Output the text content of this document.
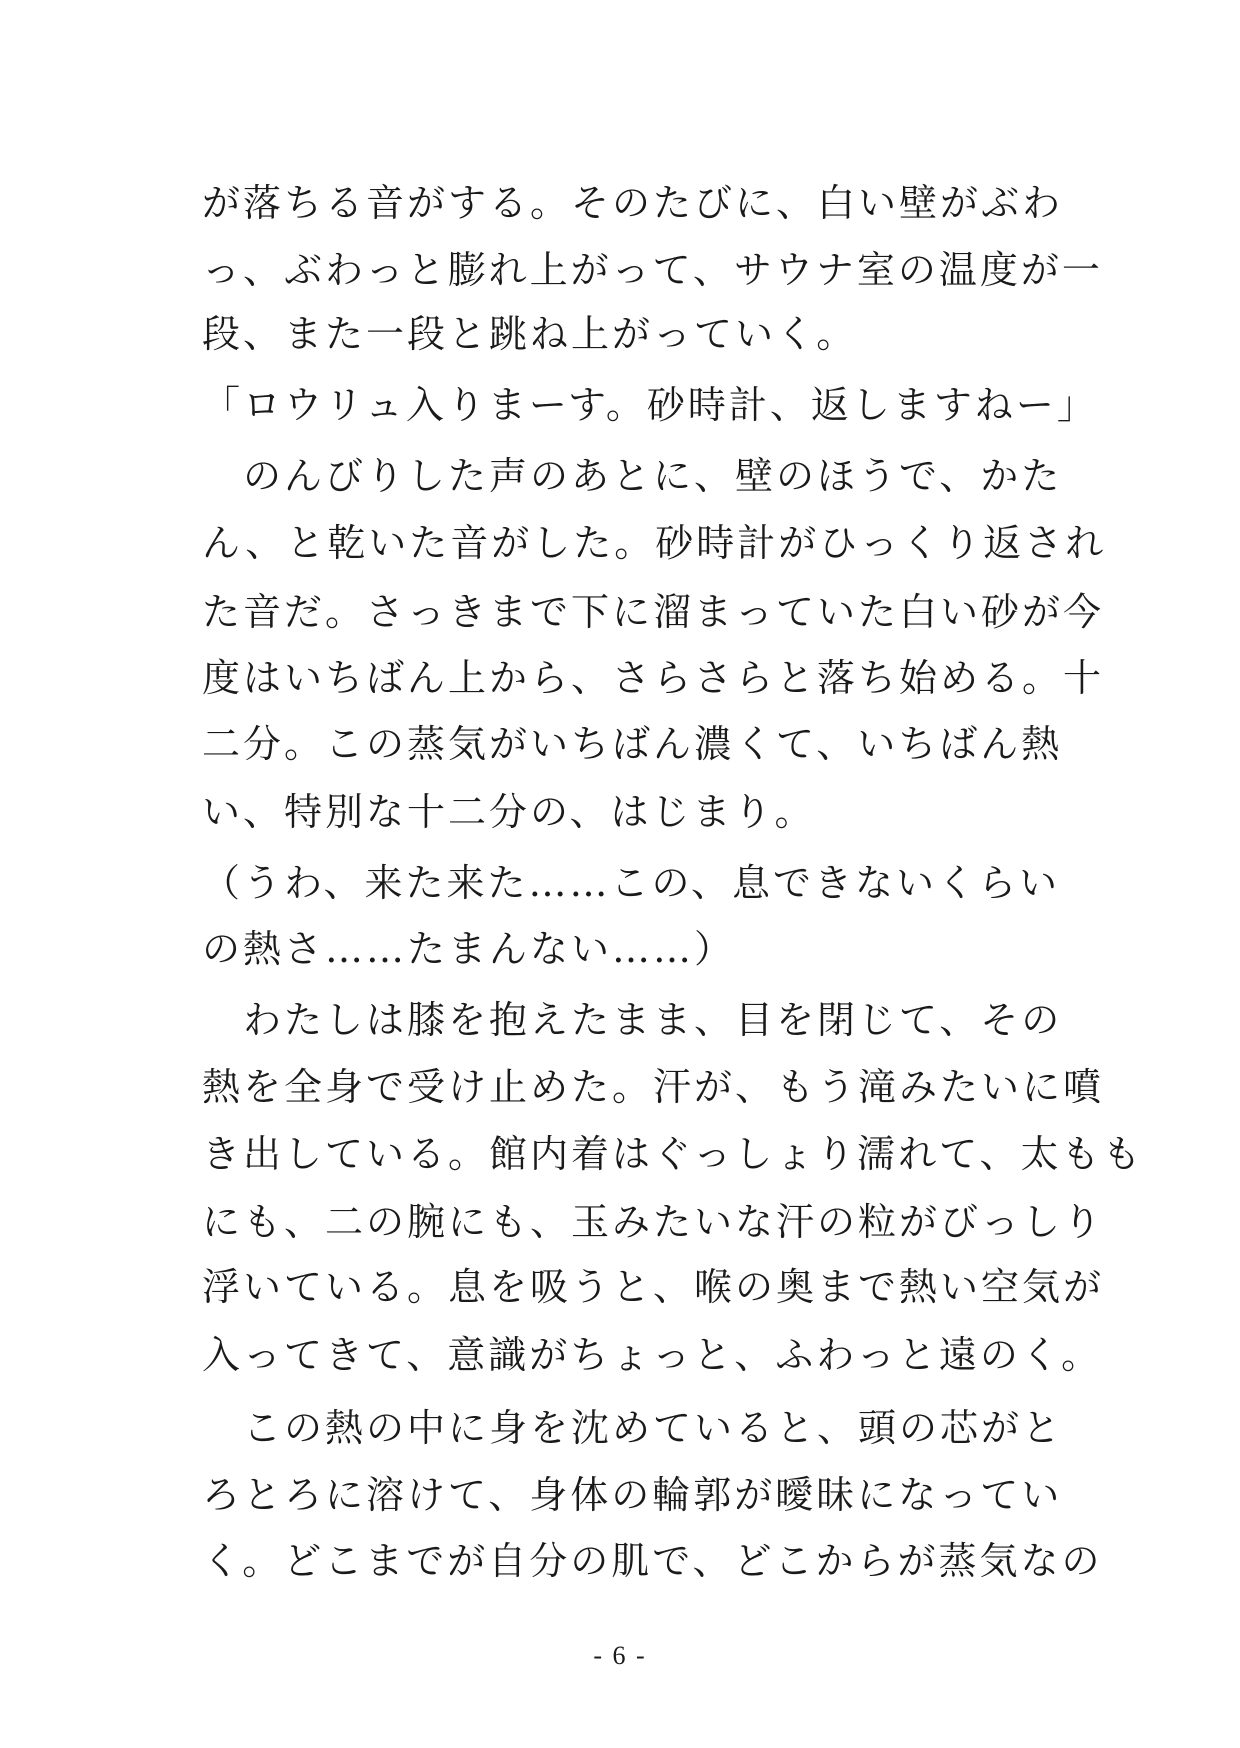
が落ちる音がする。そのたびに、白い壁がぶわ
っ、ぶわっと膨れ上がって、サウナ室の温度が一
段、また一段と跳ね上がっていく。
「ロウリュ入りまーす。砂時計、返しますねー」
　のんびりした声のあとに、壁のほうで、かた
ん、と乾いた音がした。砂時計がひっくり返され
た音だ。さっきまで下に溜まっていた白い砂が今
度はいちばん上から、さらさらと落ち始める。十
二分。この蒸気がいちばん濃くて、いちばん熱
い、特別な十二分の、はじまり。
（うわ、来た来た……この、息できないくらい
の熱さ……たまんない……）
　わたしは膝を抱えたまま、目を閉じて、その
熱を全身で受け止めた。汗が、もう滝みたいに噴
き出している。館内着はぐっしょり濡れて、太もも
にも、二の腕にも、玉みたいな汗の粒がびっしり
浮いている。息を吸うと、喉の奥まで熱い空気が
入ってきて、意識がちょっと、ふわっと遠のく。
　この熱の中に身を沈めていると、頭の芯がと
ろとろに溶けて、身体の輪郭が曖昧になってい
く。どこまでが自分の肌で、どこからが蒸気なの
- 6 -
